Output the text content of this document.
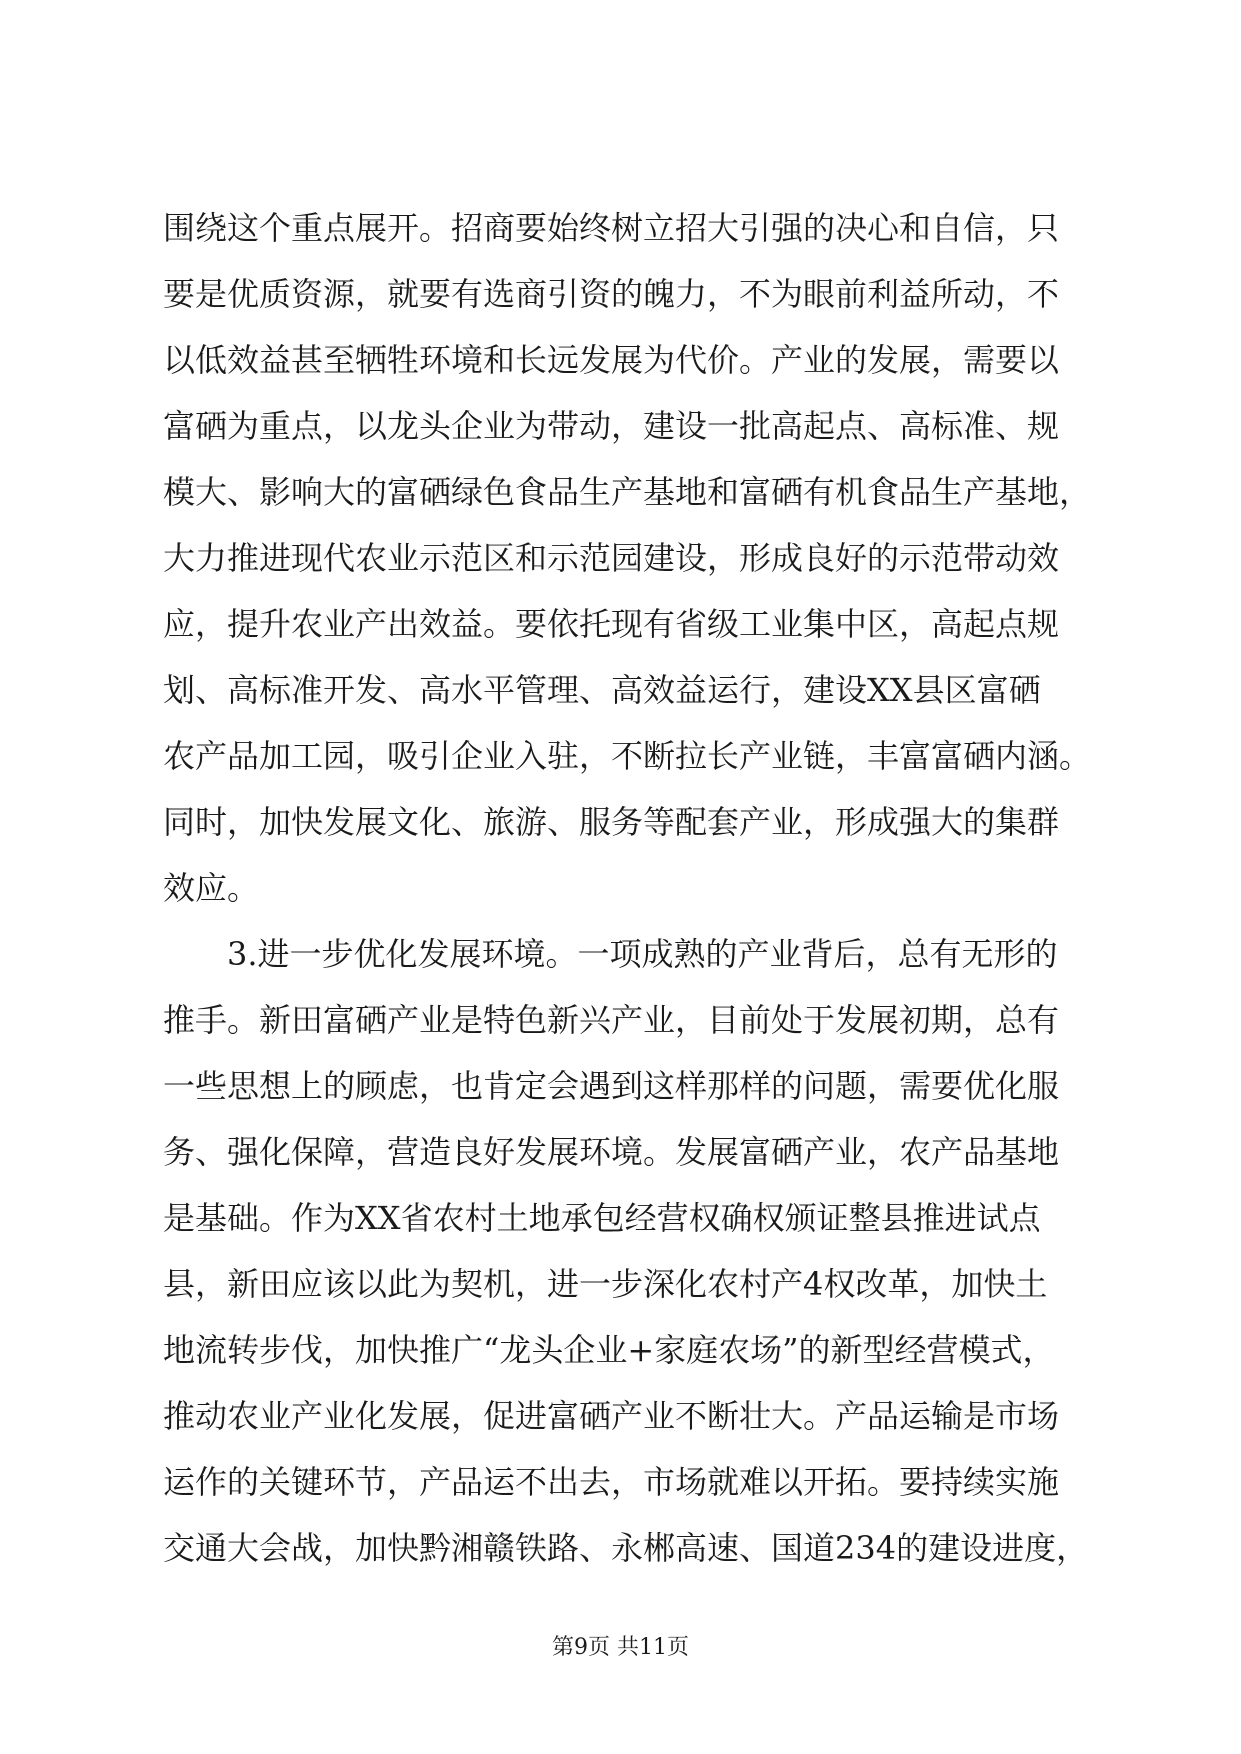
围绕这个重点展开。招商要始终树立招大引强的决心和自信，只
要是优质资源，就要有选商引资的魄力，不为眼前利益所动，不
以低效益甚至牺牲环境和长远发展为代价。产业的发展，需要以
富硒为重点，以龙头企业为带动，建设一批高起点、高标准、规
模大、影响大的富硒绿色食品生产基地和富硒有机食品生产基地，
大力推进现代农业示范区和示范园建设，形成良好的示范带动效
应，提升农业产出效益。要依托现有省级工业集中区，高起点规
划、高标准开发、高水平管理、高效益运行，建设XX县区富硒
农产品加工园，吸引企业入驻，不断拉长产业链，丰富富硒内涵。
同时，加快发展文化、旅游、服务等配套产业，形成强大的集群
效应。
3.进一步优化发展环境。一项成熟的产业背后，总有无形的
推手。新田富硒产业是特色新兴产业，目前处于发展初期，总有
一些思想上的顾虑，也肯定会遇到这样那样的问题，需要优化服
务、强化保障，营造良好发展环境。发展富硒产业，农产品基地
是基础。作为XX省农村土地承包经营权确权颁证整县推进试点
县，新田应该以此为契机，进一步深化农村产4权改革，加快土
地流转步伐，加快推广“龙头企业+家庭农场”的新型经营模式，
推动农业产业化发展，促进富硒产业不断壮大。产品运输是市场
运作的关键环节，产品运不出去，市场就难以开拓。要持续实施
交通大会战，加快黔湘赣铁路、永郴高速、国道234的建设进度，
第9页 共11页
